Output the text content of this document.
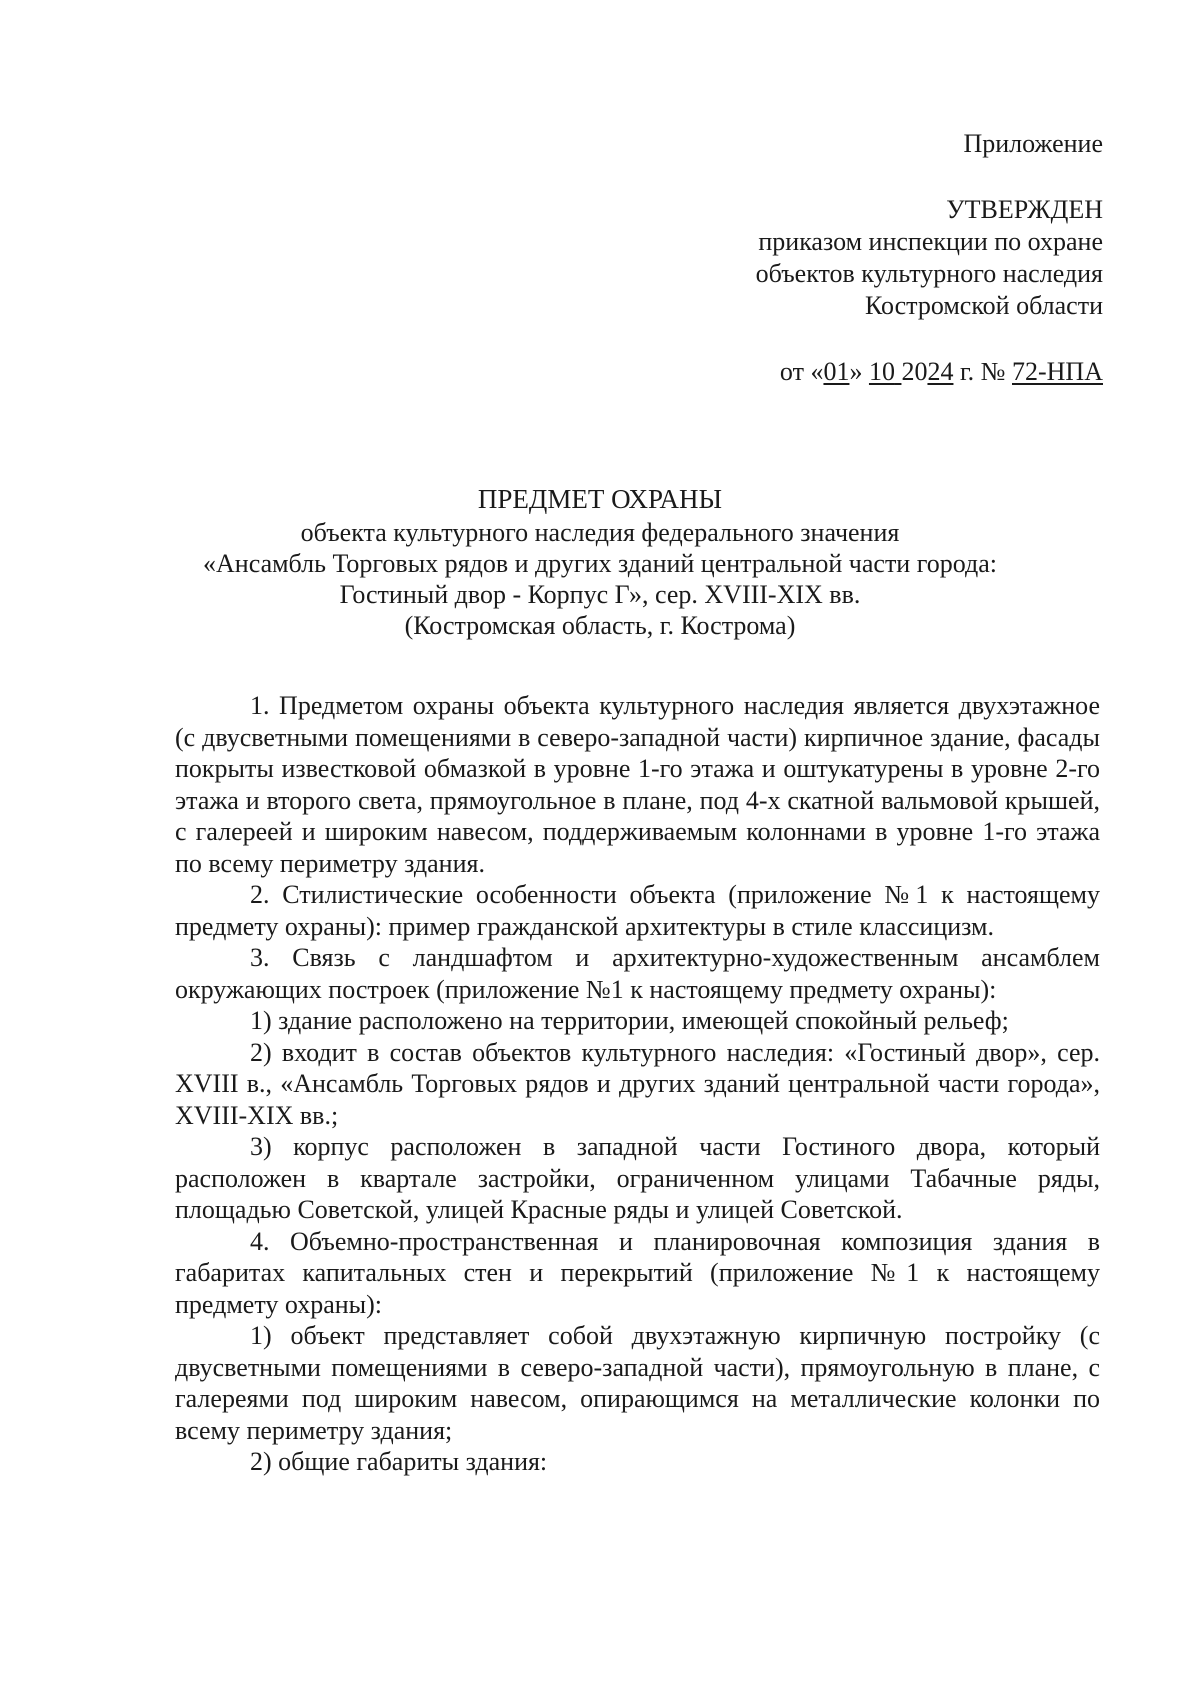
Приложение
УТВЕРЖДЕН
приказом инспекции по охране
объектов культурного наследия
Костромской области
от «01» 10 2024 г. № 72-НПА
ПРЕДМЕТ ОХРАНЫ
объекта культурного наследия федерального значения
«Ансамбль Торговых рядов и других зданий центральной части города:
Гостиный двор - Корпус Г», сер. XVIII-XIX вв.
(Костромская область, г. Кострома)

1. Предметом охраны объекта культурного наследия является двухэтажное (с двусветными помещениями в северо-западной части) кирпичное здание, фасады покрыты известковой обмазкой в уровне 1-го этажа и оштукатурены в уровне 2-го этажа и второго света, прямоугольное в плане, под 4-х скатной вальмовой крышей, с галереей и широким навесом, поддерживаемым колоннами в уровне 1-го этажа по всему периметру здания.

2. Стилистические особенности объекта (приложение №1 к настоящему предмету охраны): пример гражданской архитектуры в стиле классицизм.

3. Связь с ландшафтом и архитектурно-художественным ансамблем окружающих построек (приложение №1 к настоящему предмету охраны):

1) здание расположено на территории, имеющей спокойный рельеф;

2) входит в состав объектов культурного наследия: «Гостиный двор», сер. XVIII в., «Ансамбль Торговых рядов и других зданий центральной части города», XVIII-XIX вв.;

3) корпус расположен в западной части Гостиного двора, который расположен в квартале застройки, ограниченном улицами Табачные ряды, площадью Советской, улицей Красные ряды и улицей Советской.

4. Объемно-пространственная и планировочная композиция здания в габаритах капитальных стен и перекрытий (приложение №1 к настоящему предмету охраны):

1) объект представляет собой двухэтажную кирпичную постройку (с двусветными помещениями в северо-западной части), прямоугольную в плане, с галереями под широким навесом, опирающимся на металлические колонки по всему периметру здания;

2) общие габариты здания:
